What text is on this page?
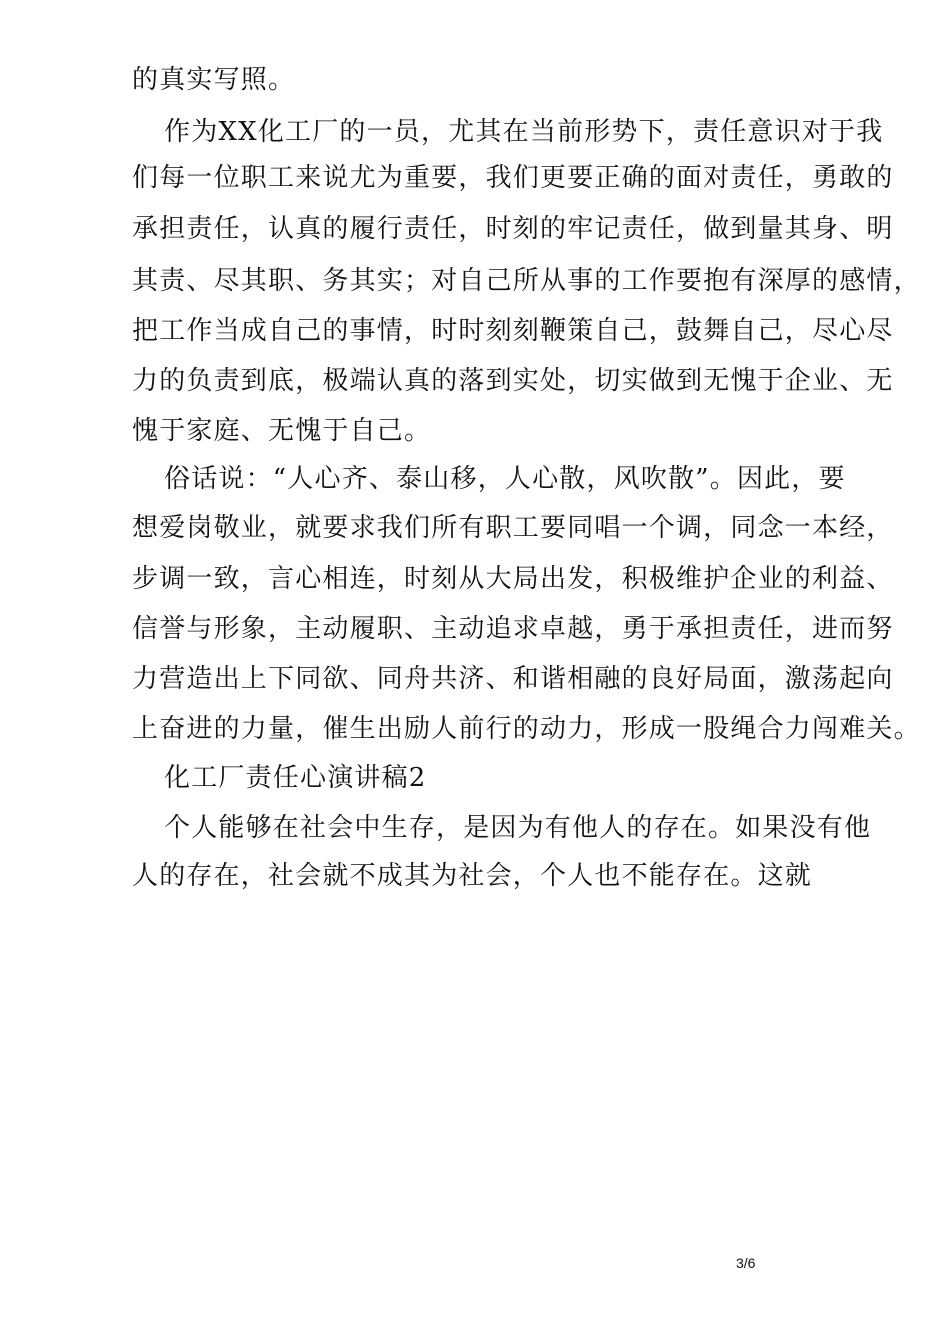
的真实写照。
作为XX化工厂的一员，尤其在当前形势下，责任意识对于我
们每一位职工来说尤为重要，我们更要正确的面对责任，勇敢的
承担责任，认真的履行责任，时刻的牢记责任，做到量其身、明
其责、尽其职、务其实；对自己所从事的工作要抱有深厚的感情，
把工作当成自己的事情，时时刻刻鞭策自己，鼓舞自己，尽心尽
力的负责到底，极端认真的落到实处，切实做到无愧于企业、无
愧于家庭、无愧于自己。
俗话说：“人心齐、泰山移，人心散，风吹散”。因此，要
想爱岗敬业，就要求我们所有职工要同唱一个调，同念一本经，
步调一致，言心相连，时刻从大局出发，积极维护企业的利益、
信誉与形象，主动履职、主动追求卓越，勇于承担责任，进而努
力营造出上下同欲、同舟共济、和谐相融的良好局面，激荡起向
上奋进的力量，催生出励人前行的动力，形成一股绳合力闯难关。
化工厂责任心演讲稿2
个人能够在社会中生存，是因为有他人的存在。如果没有他
人的存在，社会就不成其为社会，个人也不能存在。这就
3/6
